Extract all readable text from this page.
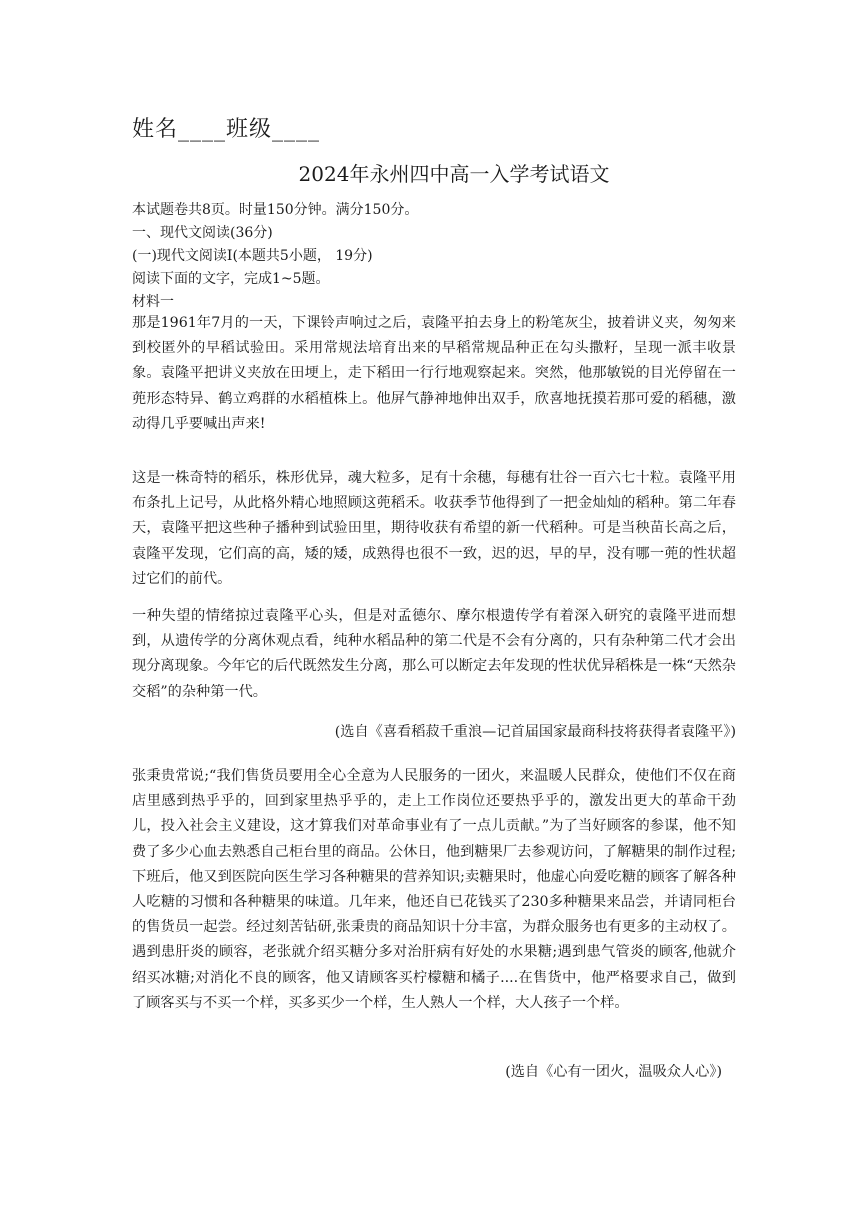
姓名____班级____
2024年永州四中高一入学考试语文
本试题卷共8页。时量150分钟。满分150分。
一、现代文阅读(36分)
(一)现代文阅读Ⅰ(本题共5小题， 19分)
阅读下面的文字，完成1~5题。
材料一
那是1961年7月的一天，下课铃声响过之后，袁隆平拍去身上的粉笔灰尘，披着讲义夹，匆匆来到校匿外的早稻试验田。采用常规法培育出来的早稻常规品种正在勾头撒籽，呈现一派丰收景象。袁隆平把讲义夹放在田埂上，走下稻田一行行地观察起来。突然，他那敏锐的目光停留在一蔸形态特异、鹤立鸡群的水稻植株上。他屏气静神地伸出双手，欣喜地抚摸若那可爱的稻穗，激动得几乎要喊出声来!
这是一株奇特的稻乐，株形优异，魂大粒多，足有十余穗，每穗有壮谷一百六七十粒。袁隆平用布条扎上记号，从此格外精心地照顾这蔸稻禾。收获季节他得到了一把金灿灿的稻种。第二年春天，袁隆平把这些种子播种到试验田里，期待收获有希望的新一代稻种。可是当秧苗长高之后，袁隆平发现，它们高的高，矮的矮，成熟得也很不一致，迟的迟，早的早，没有哪一蔸的性状超过它们的前代。
一种失望的情绪掠过袁隆平心头，但是对孟德尔、摩尔根遗传学有着深入研究的袁隆平进而想到，从遗传学的分离休观点看，纯种水稻品种的第二代是不会有分离的，只有杂种第二代才会出现分离现象。今年它的后代既然发生分离，那么可以断定去年发现的性状优异稻株是一株“天然杂交稻”的杂种第一代。
(选自《喜看稻菽千重浪—记首届国家最商科技将获得者袁隆平》)
张秉贵常说;“我们售货员要用全心全意为人民服务的一团火，来温暖人民群众，使他们不仅在商店里感到热乎乎的，回到家里热乎乎的，走上工作岗位还要热乎乎的，激发出更大的革命干劲儿，投入社会主义建设，这才算我们对革命事业有了一点儿贡献。”为了当好顾客的参谋，他不知费了多少心血去熟悉自己柜台里的商品。公休日，他到糖果厂去参观访问，了解糖果的制作过程;下班后，他又到医院向医生学习各种糖果的营养知识;卖糖果时，他虚心向爱吃糖的顾客了解各种人吃糖的习惯和各种糖果的味道。几年来，他还自已花钱买了230多种糖果来品尝，并请同柜台的售货员一起尝。经过刻苦钻研,张秉贵的商品知识十分丰富，为群众服务也有更多的主动权了。遇到患肝炎的顾容，老张就介绍买糖分多对治肝病有好处的水果糖;遇到患气管炎的顾客,他就介绍买冰糖;对消化不良的顾客，他又请顾客买柠檬糖和橘子....在售货中，他严格要求自己，做到了顾客买与不买一个样，买多买少一个样，生人熟人一个样，大人孩子一个样。
(选自《心有一团火，温吸众人心》)
